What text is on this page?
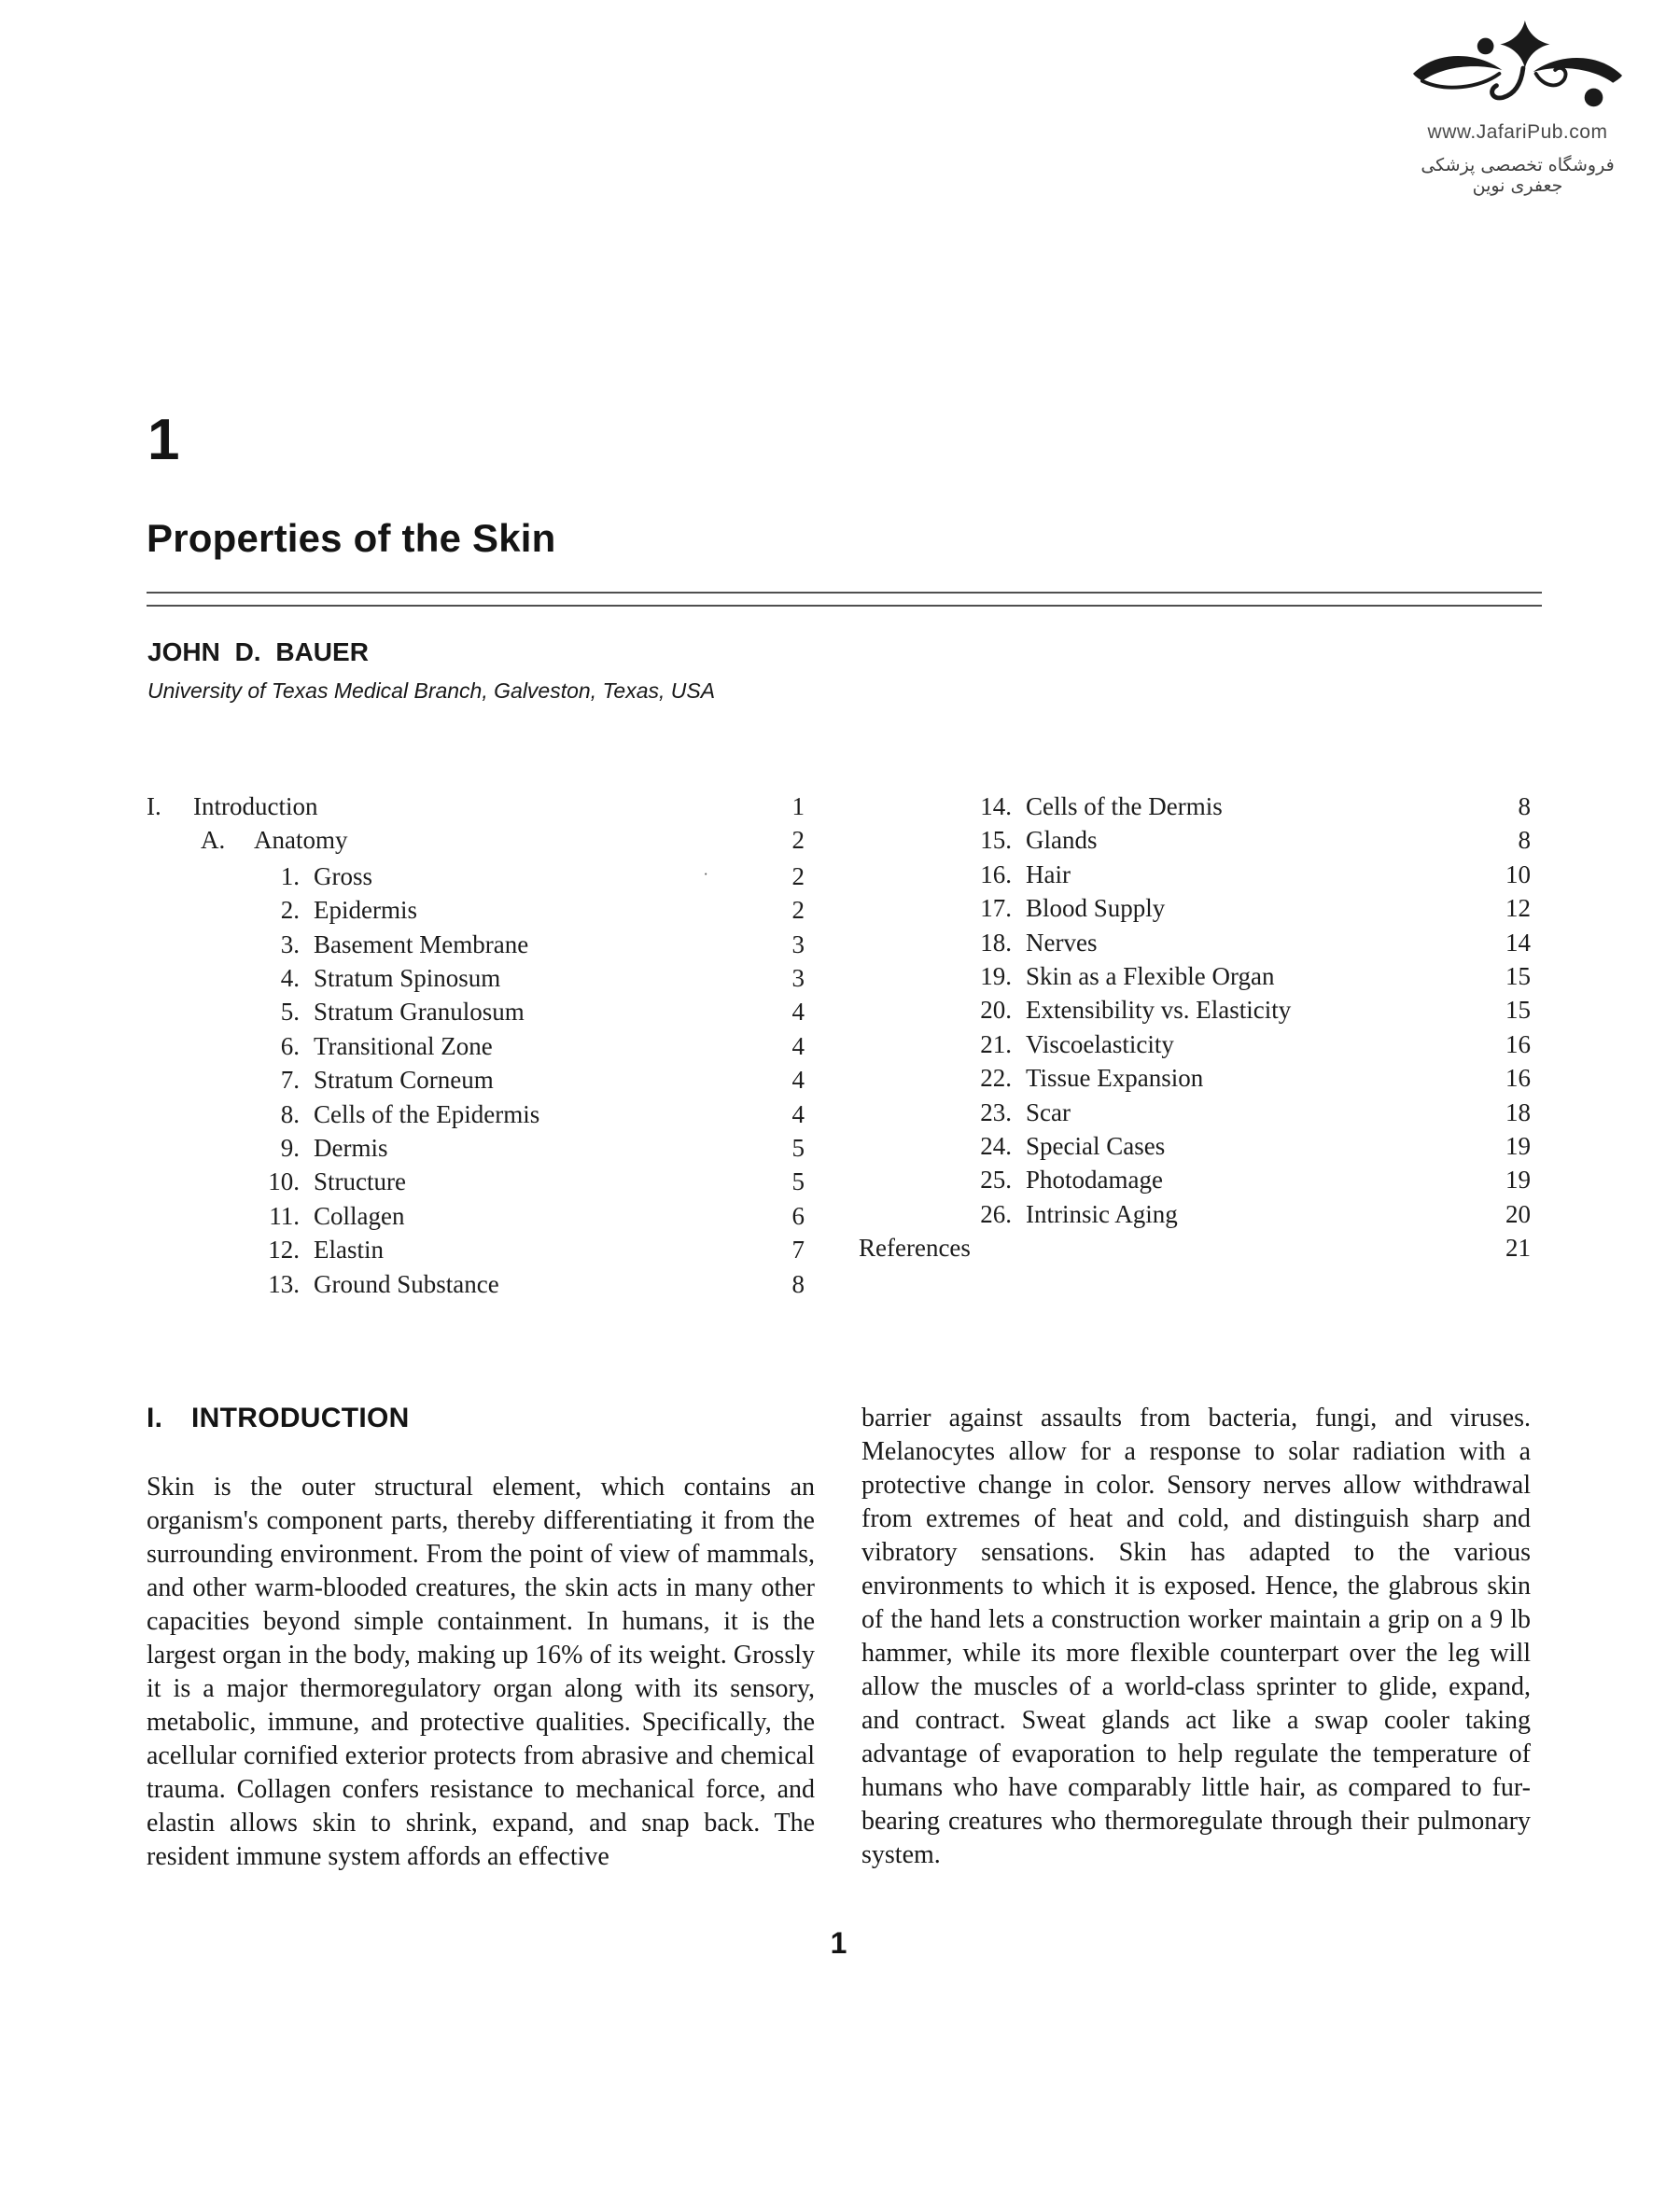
www.JafariPub.com
فروشگاه تخصصی پزشکی جعفری نوین
1
Properties of the Skin
JOHN D. BAUER
University of Texas Medical Branch, Galveston, Texas, USA
I.	Introduction	1
A.	Anatomy	2
1. Gross	·	2
2. Epidermis	2
3. Basement Membrane	3
4. Stratum Spinosum	3
5. Stratum Granulosum	4
6. Transitional Zone	4
7. Stratum Corneum	4
8. Cells of the Epidermis	4
9. Dermis	5
10. Structure	5
11. Collagen	6
12. Elastin	7
13. Ground Substance	8
14. Cells of the Dermis	8
15. Glands	8
16. Hair	10
17. Blood Supply	12
18. Nerves	14
19. Skin as a Flexible Organ	15
20. Extensibility vs. Elasticity	15
21. Viscoelasticity	16
22. Tissue Expansion	16
23. Scar	18
24. Special Cases	19
25. Photodamage	19
26. Intrinsic Aging	20
References	21
I.	INTRODUCTION

Skin is the outer structural element, which contains an organism's component parts, thereby differentiating it from the surrounding environment. From the point of view of mammals, and other warm-blooded creatures, the skin acts in many other capacities beyond simple containment. In humans, it is the largest organ in the body, making up 16% of its weight. Grossly it is a major thermoregulatory organ along with its sensory, metabolic, immune, and protective qualities. Specifically, the acellular cornified exterior protects from abrasive and chemical trauma. Collagen confers resistance to mechanical force, and elastin allows skin to shrink, expand, and snap back. The resident immune system affords an effective

barrier against assaults from bacteria, fungi, and viruses. Melanocytes allow for a response to solar radiation with a protective change in color. Sensory nerves allow withdrawal from extremes of heat and cold, and distinguish sharp and vibratory sensations. Skin has adapted to the various environments to which it is exposed. Hence, the glabrous skin of the hand lets a construction worker maintain a grip on a 9 lb hammer, while its more flexible counterpart over the leg will allow the muscles of a world-class sprinter to glide, expand, and contract. Sweat glands act like a swap cooler taking advantage of evaporation to help regulate the temperature of humans who have comparably little hair, as compared to fur-bearing creatures who thermoregulate through their pulmonary system.

1
